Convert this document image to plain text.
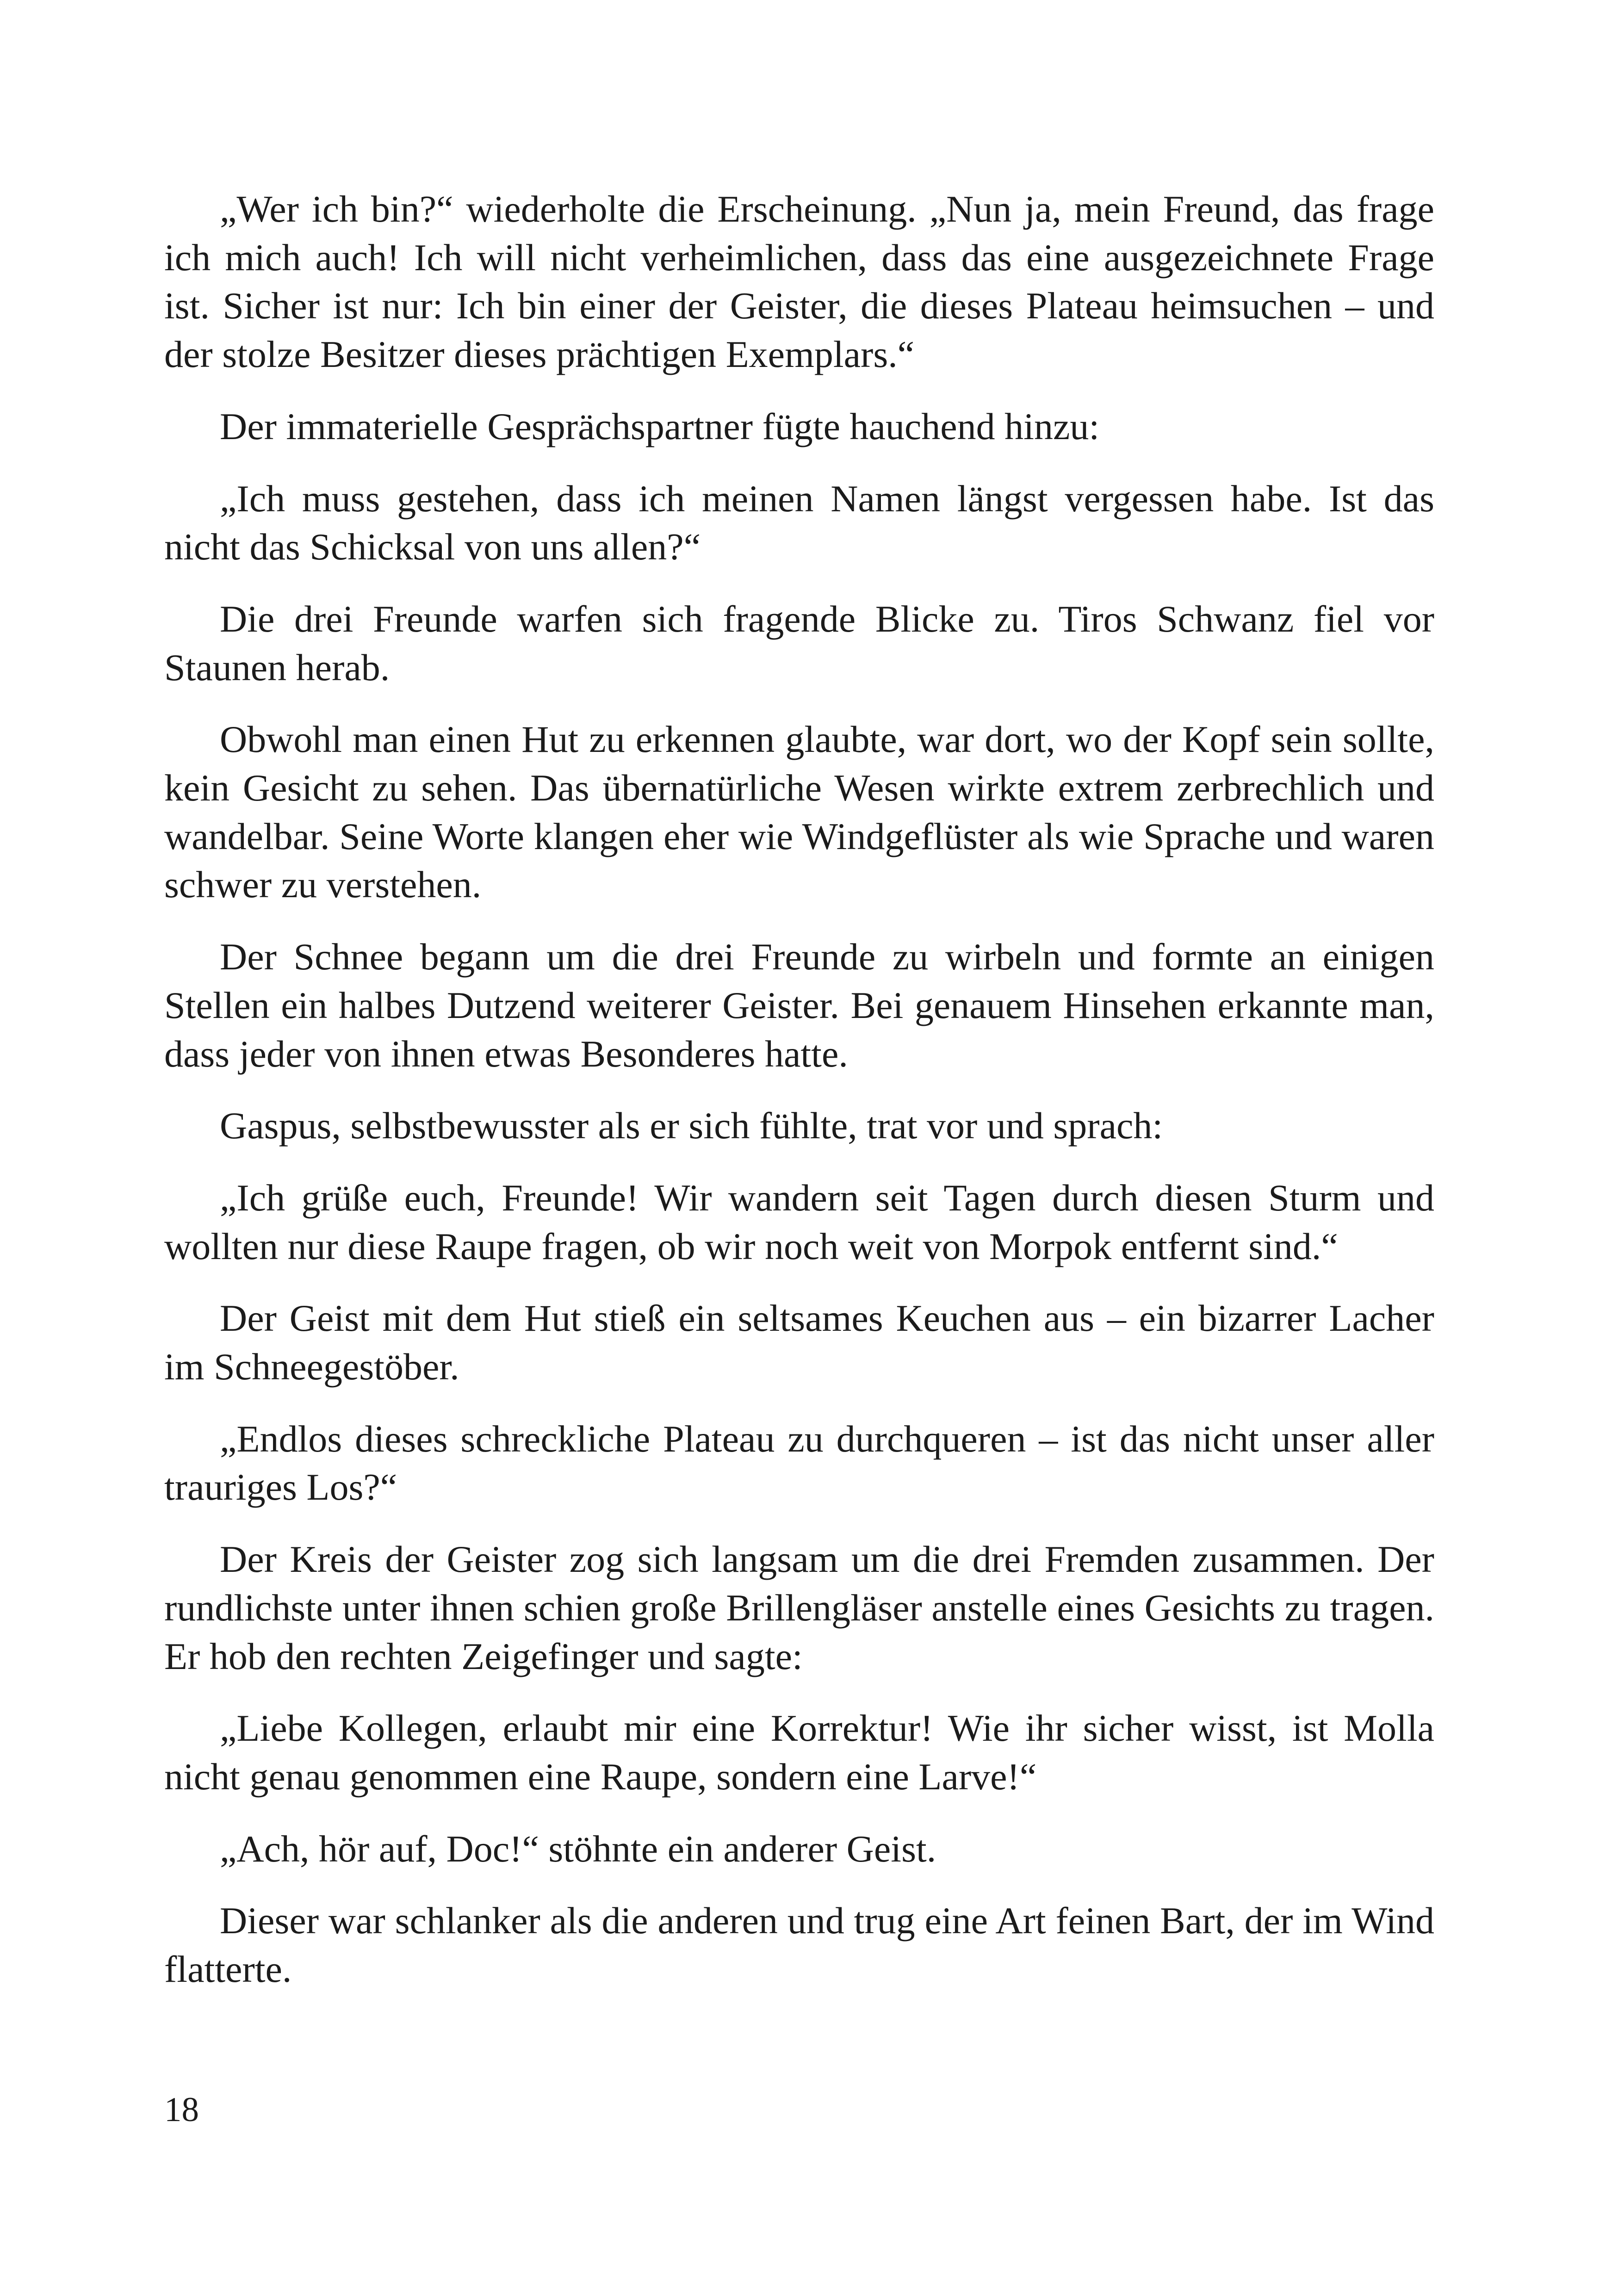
„Wer ich bin?“ wiederholte die Erscheinung. „Nun ja, mein Freund, das frage ich mich auch! Ich will nicht verheimlichen, dass das eine ausgezeichnete Frage ist. Sicher ist nur: Ich bin einer der Geister, die dieses Plateau heimsuchen – und der stolze Besitzer dieses prächtigen Exemplars.“

Der immaterielle Gesprächspartner fügte hauchend hinzu:

„Ich muss gestehen, dass ich meinen Namen längst vergessen habe. Ist das nicht das Schicksal von uns allen?“

Die drei Freunde warfen sich fragende Blicke zu. Tiros Schwanz fiel vor Staunen herab.

Obwohl man einen Hut zu erkennen glaubte, war dort, wo der Kopf sein sollte, kein Gesicht zu sehen. Das übernatürliche Wesen wirkte extrem zerbrechlich und wandelbar. Seine Worte klangen eher wie Windgeflüster als wie Sprache und waren schwer zu verstehen.

Der Schnee begann um die drei Freunde zu wirbeln und formte an einigen Stellen ein halbes Dutzend weiterer Geister. Bei genauem Hinsehen erkannte man, dass jeder von ihnen etwas Besonderes hatte.

Gaspus, selbstbewusster als er sich fühlte, trat vor und sprach:

„Ich grüße euch, Freunde! Wir wandern seit Tagen durch diesen Sturm und wollten nur diese Raupe fragen, ob wir noch weit von Morpok entfernt sind.“

Der Geist mit dem Hut stieß ein seltsames Keuchen aus – ein bizarrer Lacher im Schneegestöber.

„Endlos dieses schreckliche Plateau zu durchqueren – ist das nicht unser aller trauriges Los?“

Der Kreis der Geister zog sich langsam um die drei Fremden zusammen. Der rundlichste unter ihnen schien große Brillengläser anstelle eines Gesichts zu tragen. Er hob den rechten Zeigefinger und sagte:

„Liebe Kollegen, erlaubt mir eine Korrektur! Wie ihr sicher wisst, ist Molla nicht genau genommen eine Raupe, sondern eine Larve!“

„Ach, hör auf, Doc!“ stöhnte ein anderer Geist.

Dieser war schlanker als die anderen und trug eine Art feinen Bart, der im Wind flatterte.

18
